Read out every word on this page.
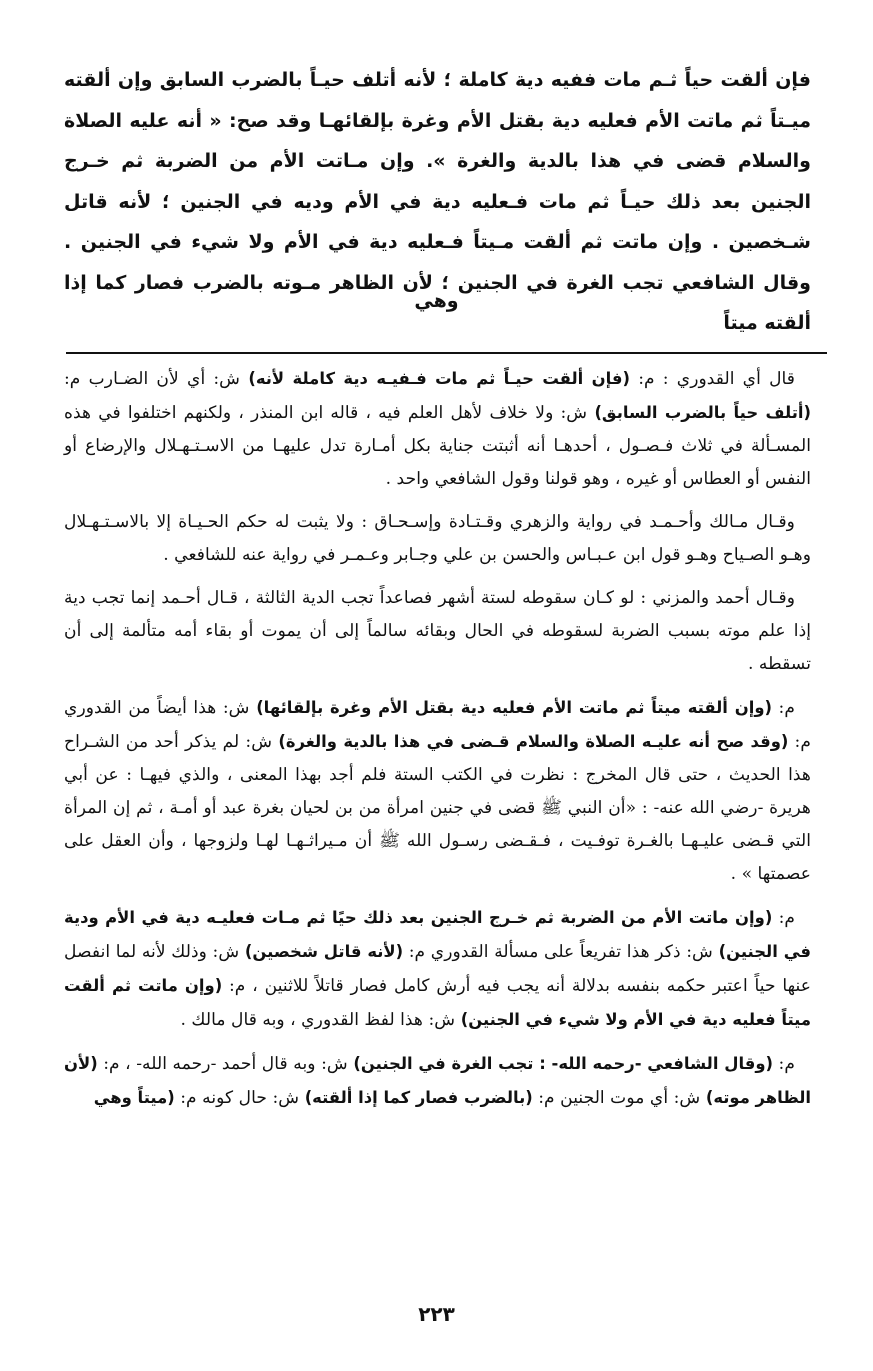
فإن ألقت حياً ثـم مات ففيه دية كاملة ؛ لأنه أتلف حيـاً بالضرب السابق وإن ألقته ميـتاً ثم ماتت الأم فعليه دية بقتل الأم وغرة بإلقائهـا وقد صح: « أنه عليه الصلاة والسلام قضى في هذا بالدية والغرة ». وإن مـاتت الأم من الضربة ثم خـرج الجنين بعد ذلك حيـاً ثم مات فـعليه دية في الأم وديه في الجنين ؛ لأنه قاتل شـخصين . وإن ماتت ثم ألقت مـيتاً فـعليه دية في الأم ولا شيء في الجنين . وقال الشافعي تجب الغرة في الجنين ؛ لأن الظاهر مـوته بالضرب فصار كما إذا ألقته ميتاً
وهي

قال أي القدوري : م: (فإن ألقت حيـاً ثم مات فـفيـه دية كاملة لأنه) ش: أي لأن الضـارب م: (أتلف حياً بالضرب السابق) ش: ولا خلاف لأهل العلم فيه ، قاله ابن المنذر ، ولكنهم اختلفوا في هذه المسـألة في ثلاث فـصـول ، أحدهـا أنه أثبتت جناية بكل أمـارة تدل عليهـا من الاسـتـهـلال والإرضاع أو النفس أو العطاس أو غيره ، وهو قولنا وقول الشافعي واحد .

وقـال مـالك وأحـمـد في رواية والزهري وقـتـادة وإسـحـاق : ولا يثبت له حكم الحـيـاة إلا بالاسـتـهـلال وهـو الصـياح وهـو قول ابن عـبـاس والحسن بن علي وجـابر وعـمـر في رواية عنه للشافعي .

وقـال أحمد والمزني : لو كـان سقوطه لستة أشهر فصاعداً تجب الدية الثالثة ، قـال أحـمد إنما تجب دية إذا علم موته بسبب الضربة لسقوطه في الحال وبقائه سالماً إلى أن يموت أو بقاء أمه متألمة إلى أن تسقطه .

م: (وإن ألقته ميتاً ثم ماتت الأم فعليه دية بقتل الأم وغرة بإلقائها) ش: هذا أيضاً من القدوري م: (وقد صح أنه عليـه الصلاة والسلام قـضى في هذا بالدية والغرة) ش: لم يذكر أحد من الشـراح هذا الحديث ، حتى قال المخرج : نظرت في الكتب الستة فلم أجد بهذا المعنى ، والذي فيهـا : عن أبي هريرة -رضي الله عنه- : «أن النبي ﷺ قضى في جنين امرأة من بن لحيان بغرة عبد أو أمـة ، ثم إن المرأة التي قـضى عليـهـا بالغـرة توفـيت ، فـقـضى رسـول الله ﷺ أن مـيراثـهـا لهـا ولزوجها ، وأن العقل على عصمتها » .

م: (وإن ماتت الأم من الضربة ثم خـرج الجنين بعد ذلك حيًا ثم مـات فعليـه دية في الأم ودية في الجنين) ش: ذكر هذا تفريعاً على مسألة القدوري م: (لأنه قاتل شخصين) ش: وذلك لأنه لما انفصل عنها حياً اعتبر حكمه بنفسه بدلالة أنه يجب فيه أرش كامل فصار قاتلاً للاثنين ، م: (وإن ماتت ثم ألقت ميتاً فعليه دية في الأم ولا شيء في الجنين) ش: هذا لفظ القدوري ، وبه قال مالك .

م: (وقال الشافعي -رحمه الله- : تجب الغرة في الجنين) ش: وبه قال أحمد -رحمه الله- ، م: (لأن الظاهر موته) ش: أي موت الجنين م: (بالضرب فصار كما إذا ألقته) ش: حال كونه م: (ميتاً وهي

٢٢٣
